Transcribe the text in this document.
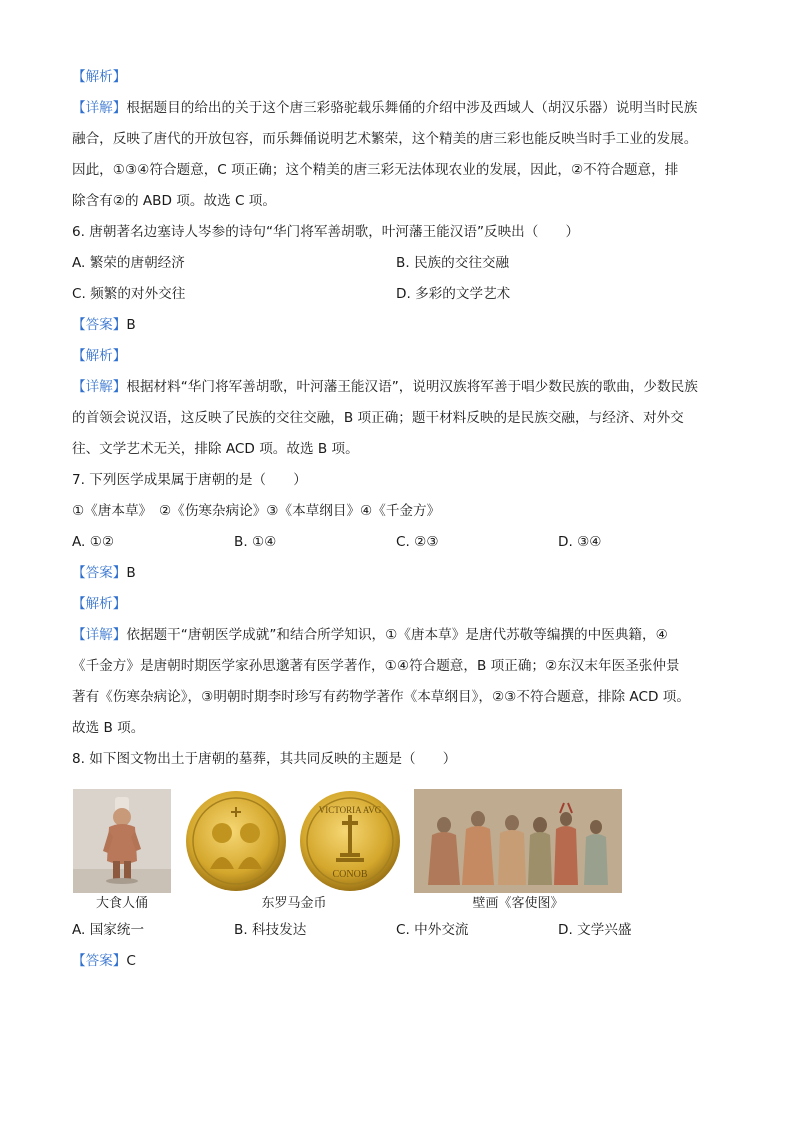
【解析】
【详解】根据题目的给出的关于这个唐三彩骆驼载乐舞俑的介绍中涉及西域人（胡汉乐器）说明当时民族
融合，反映了唐代的开放包容，而乐舞俑说明艺术繁荣，这个精美的唐三彩也能反映当时手工业的发展。
因此，①③④符合题意，C 项正确；这个精美的唐三彩无法体现农业的发展，因此，②不符合题意，排
除含有②的 ABD 项。故选 C 项。
6. 唐朝著名边塞诗人岑参的诗句“华门将军善胡歌，叶河藩王能汉语”反映出（　　）
A. 繁荣的唐朝经济	B. 民族的交往交融
C. 频繁的对外交往	D. 多彩的文学艺术
【答案】B
【解析】
【详解】根据材料“华门将军善胡歌，叶河藩王能汉语”，说明汉族将军善于唱少数民族的歌曲，少数民族
的首领会说汉语，这反映了民族的交往交融，B 项正确；题干材料反映的是民族交融，与经济、对外交
往、文学艺术无关，排除 ACD 项。故选 B 项。
7. 下列医学成果属于唐朝的是（　　）
①《唐本草》　②《伤寒杂病论》③《本草纲目》④《千金方》
A. ①②	B. ①④	C. ②③	D. ③④
【答案】B
【解析】
【详解】依据题干“唐朝医学成就”和结合所学知识，①《唐本草》是唐代苏敬等编撰的中医典籍，④
《千金方》是唐朝时期医学家孙思邈著有医学著作，①④符合题意，B 项正确；②东汉末年医圣张仲景
著有《伤寒杂病论》，③明朝时期李时珍写有药物学著作《本草纲目》，②③不符合题意，排除 ACD 项。
故选 B 项。
8. 如下图文物出土于唐朝的墓葬，其共同反映的主题是（　　）
大食人俑
VICTORIA AVG
CONOB
东罗马金币	壁画《客使图》
A. 国家统一	B. 科技发达	C. 中外交流	D. 文学兴盛
【答案】C
